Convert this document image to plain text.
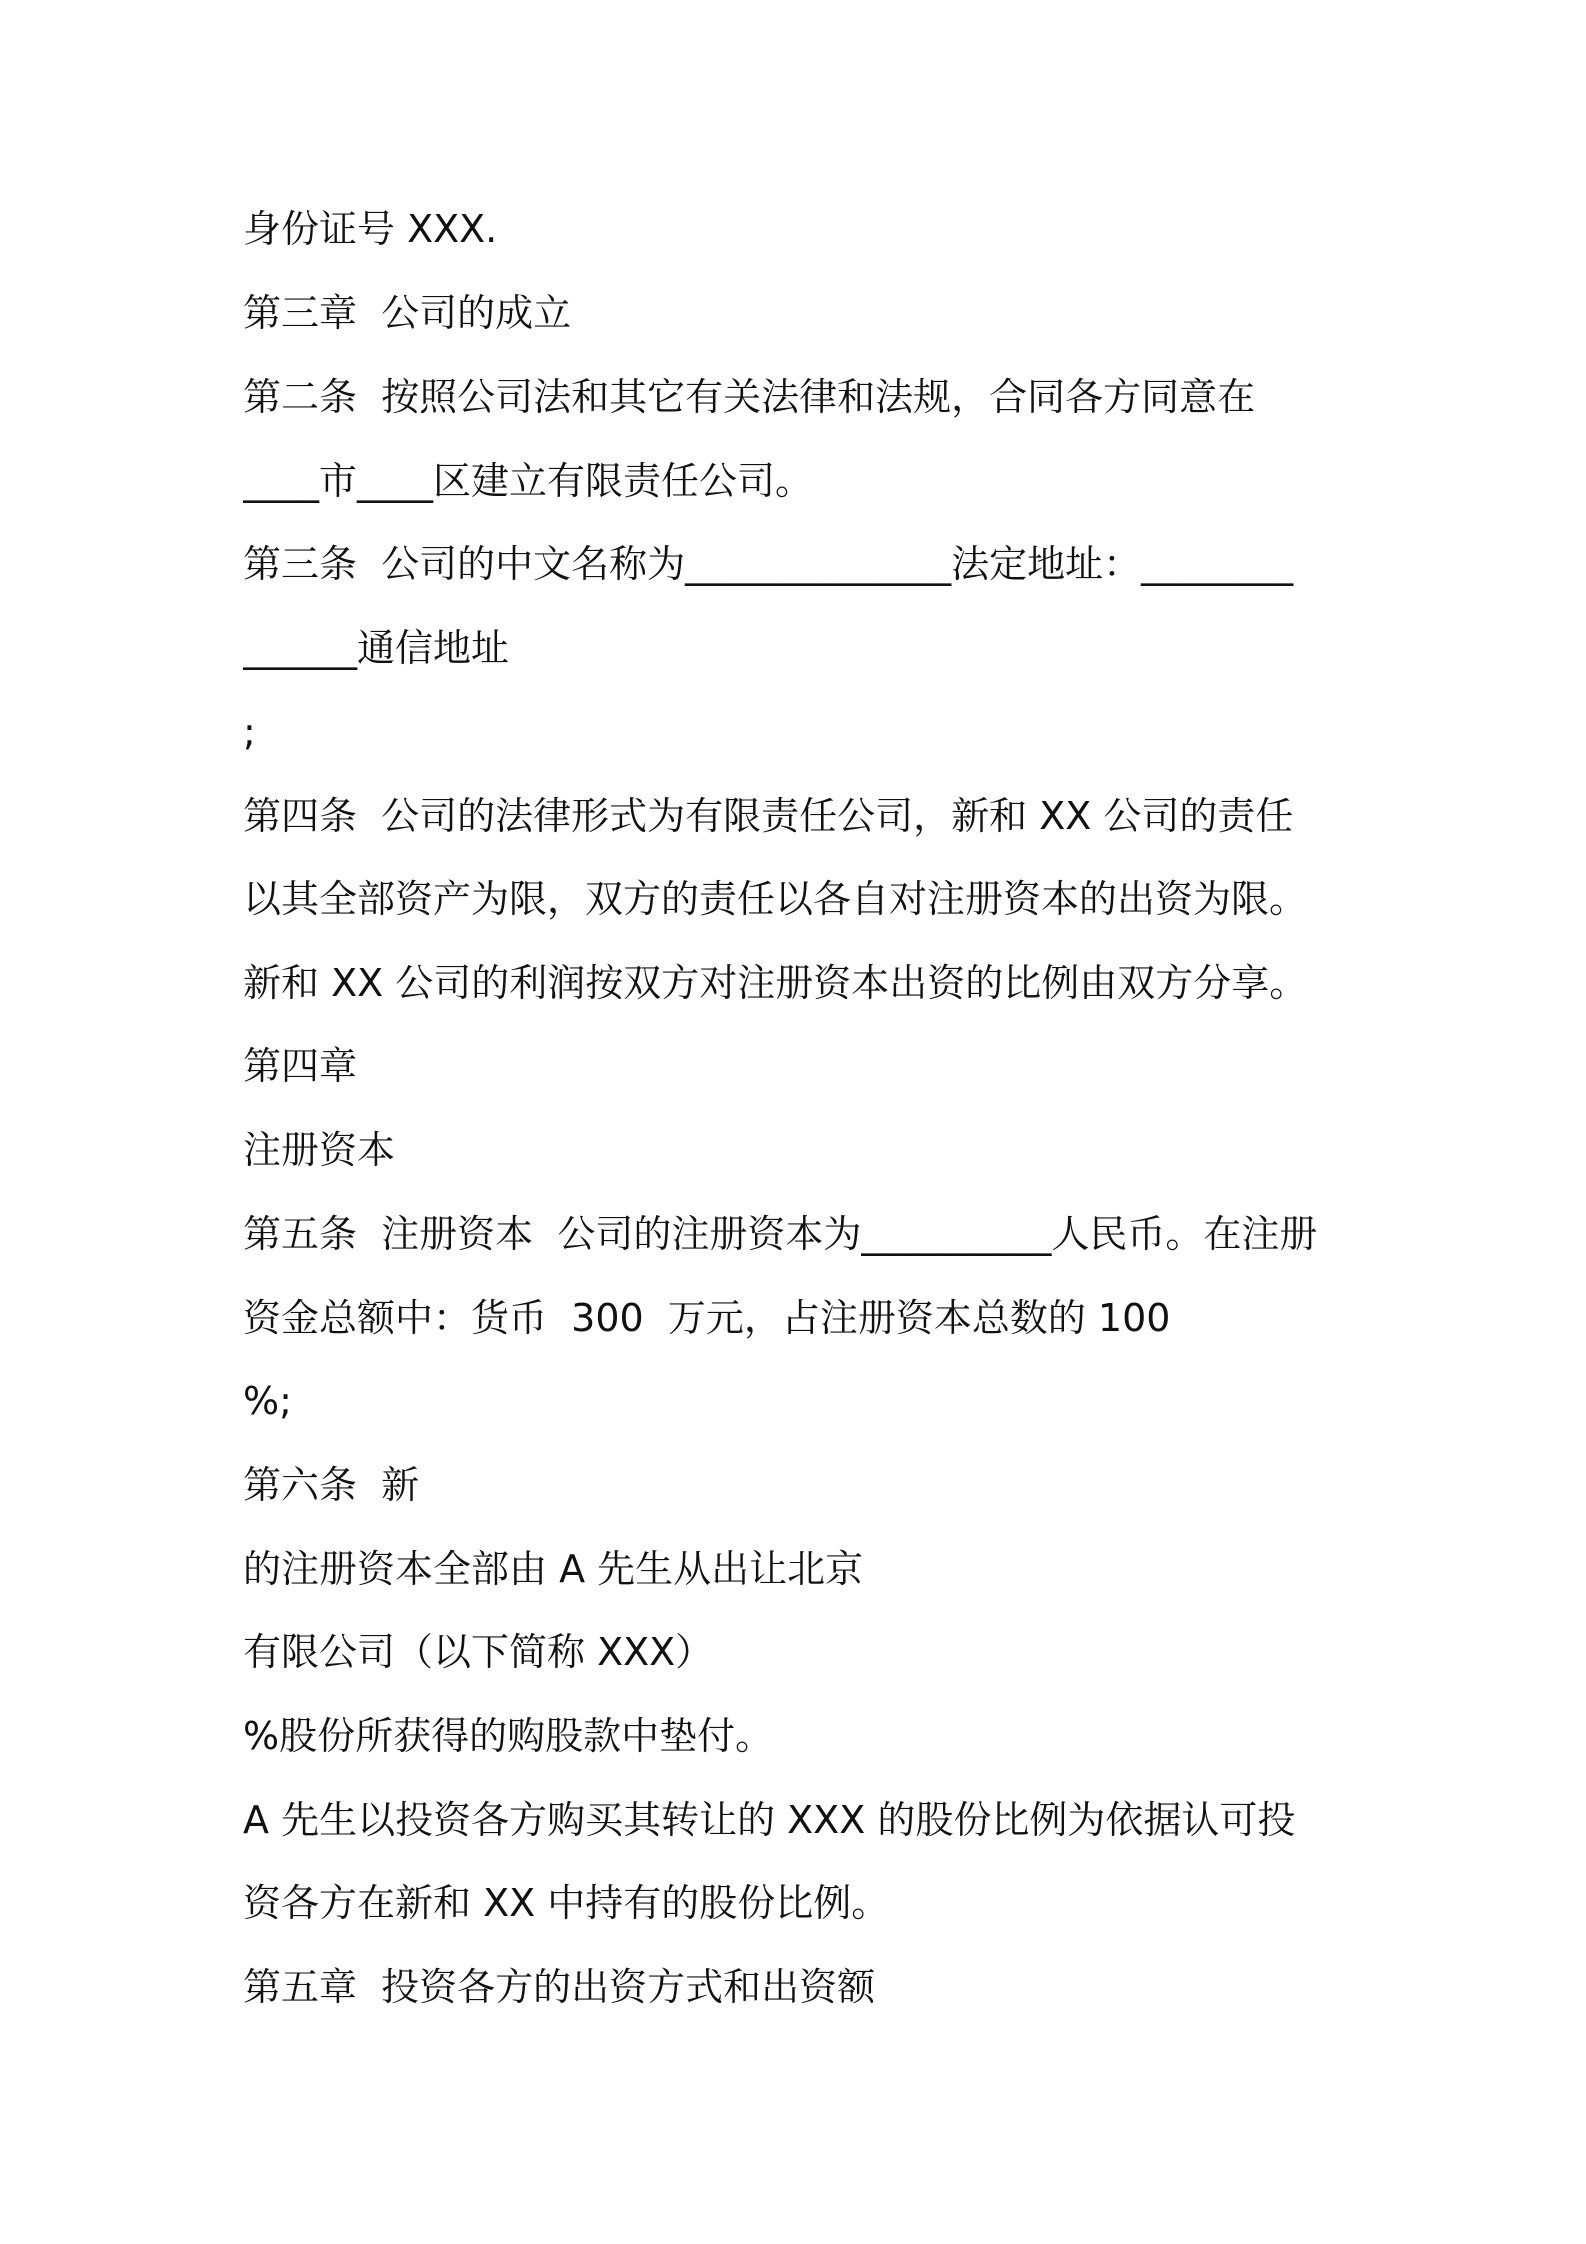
身份证号 XXX.
第三章  公司的成立
第二条  按照公司法和其它有关法律和法规，合同各方同意在
____市____区建立有限责任公司。
第三条  公司的中文名称为______________法定地址：________
______通信地址
;
第四条  公司的法律形式为有限责任公司，新和 XX 公司的责任
以其全部资产为限，双方的责任以各自对注册资本的出资为限。
新和 XX 公司的利润按双方对注册资本出资的比例由双方分享。
第四章
注册资本
第五条  注册资本  公司的注册资本为__________人民币。在注册
资金总额中：货币  300  万元，占注册资本总数的 100
%;
第六条  新
的注册资本全部由 A 先生从出让北京
有限公司（以下简称 XXX）
%股份所获得的购股款中垫付。
A 先生以投资各方购买其转让的 XXX 的股份比例为依据认可投
资各方在新和 XX 中持有的股份比例。
第五章  投资各方的出资方式和出资额
